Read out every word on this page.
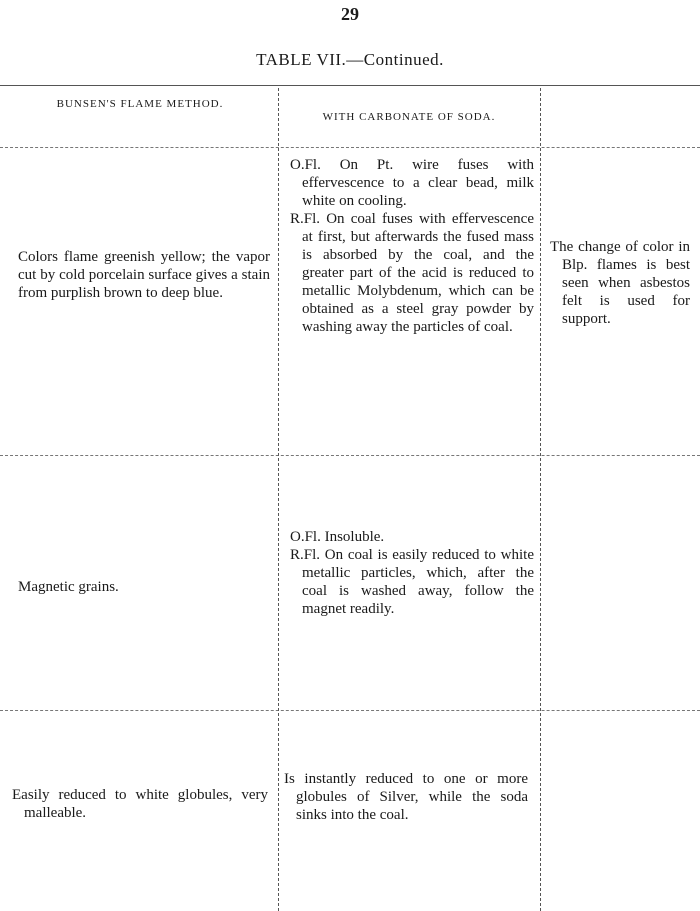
29
TABLE VII.—Continued.
BUNSEN'S FLAME METHOD.
WITH CARBONATE OF SODA.

Colors flame greenish yellow; the vapor cut by cold porcelain surface gives a stain from purplish brown to deep blue.

O.Fl. On Pt. wire fuses with effervescence to a clear bead, milk white on cooling.

R.Fl. On coal fuses with effervescence at first, but afterwards the fused mass is absorbed by the coal, and the greater part of the acid is reduced to metallic Molybdenum, which can be obtained as a steel gray powder by washing away the particles of coal.

The change of color in Blp. flames is best seen when asbestos felt is used for support.

Magnetic grains.

O.Fl. Insoluble.

R.Fl. On coal is easily reduced to white metallic particles, which, after the coal is washed away, follow the magnet readily.

Easily reduced to white globules, very malleable.

Is instantly reduced to one or more globules of Silver, while the soda sinks into the coal.
